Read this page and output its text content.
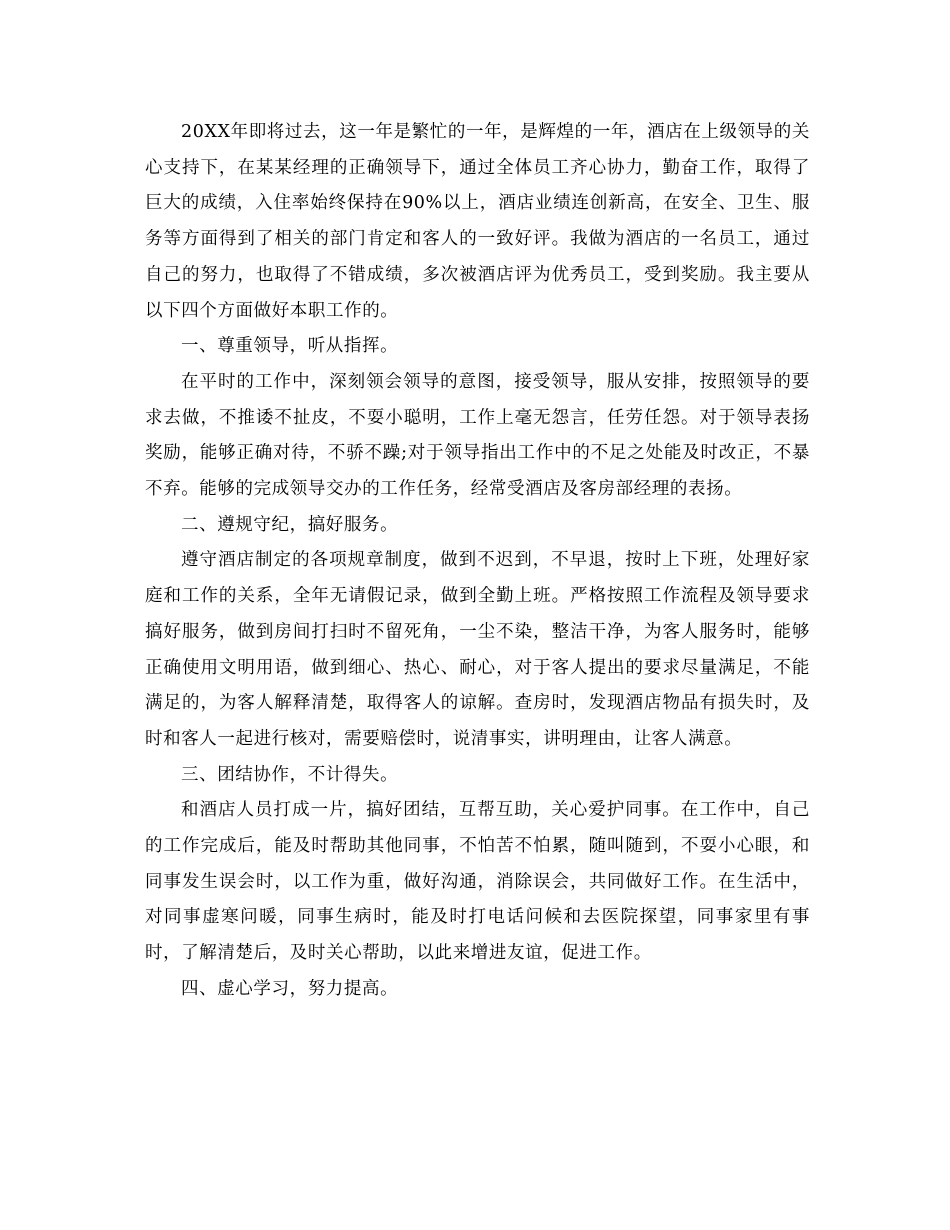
20XX年即将过去，这一年是繁忙的一年，是辉煌的一年，酒店在上级领导的关心支持下，在某某经理的正确领导下，通过全体员工齐心协力，勤奋工作，取得了巨大的成绩，入住率始终保持在90%以上，酒店业绩连创新高，在安全、卫生、服务等方面得到了相关的部门肯定和客人的一致好评。我做为酒店的一名员工，通过自己的努力，也取得了不错成绩，多次被酒店评为优秀员工，受到奖励。我主要从以下四个方面做好本职工作的。

一、尊重领导，听从指挥。

在平时的工作中，深刻领会领导的意图，接受领导，服从安排，按照领导的要求去做，不推诿不扯皮，不耍小聪明，工作上毫无怨言，任劳任怨。对于领导表扬奖励，能够正确对待，不骄不躁;对于领导指出工作中的不足之处能及时改正，不暴不弃。能够的完成领导交办的工作任务，经常受酒店及客房部经理的表扬。

二、遵规守纪，搞好服务。

遵守酒店制定的各项规章制度，做到不迟到，不早退，按时上下班，处理好家庭和工作的关系，全年无请假记录，做到全勤上班。严格按照工作流程及领导要求搞好服务，做到房间打扫时不留死角，一尘不染，整洁干净，为客人服务时，能够正确使用文明用语，做到细心、热心、耐心，对于客人提出的要求尽量满足，不能满足的，为客人解释清楚，取得客人的谅解。查房时，发现酒店物品有损失时，及时和客人一起进行核对，需要赔偿时，说清事实，讲明理由，让客人满意。

三、团结协作，不计得失。

和酒店人员打成一片，搞好团结，互帮互助，关心爱护同事。在工作中，自己的工作完成后，能及时帮助其他同事，不怕苦不怕累，随叫随到，不耍小心眼，和同事发生误会时，以工作为重，做好沟通，消除误会，共同做好工作。在生活中，对同事虚寒问暖，同事生病时，能及时打电话问候和去医院探望，同事家里有事时，了解清楚后，及时关心帮助，以此来增进友谊，促进工作。

四、虚心学习，努力提高。
